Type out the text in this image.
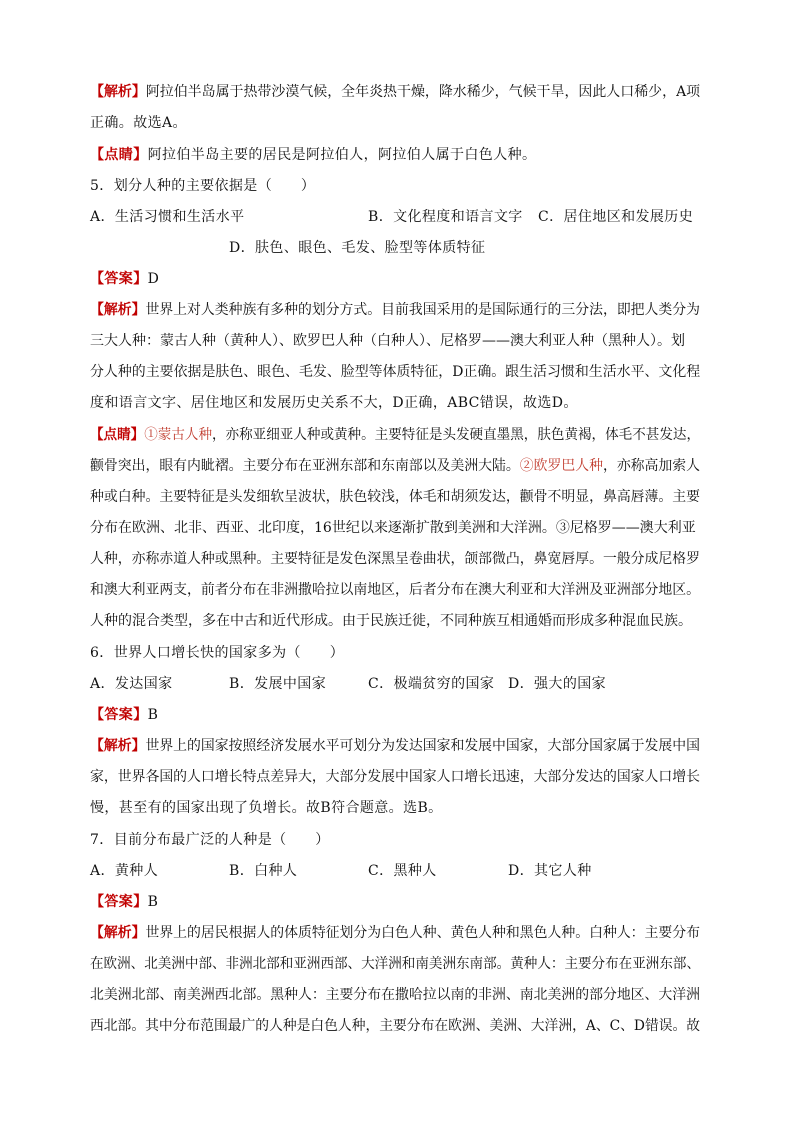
【解析】阿拉伯半岛属于热带沙漠气候，全年炎热干燥，降水稀少，气候干旱，因此人口稀少，A项
正确。故选A。
【点睛】阿拉伯半岛主要的居民是阿拉伯人，阿拉伯人属于白色人种。
5．划分人种的主要依据是（　　）
A．生活习惯和生活水平	B．文化程度和语言文字 C．居住地区和发展历史
D．肤色、眼色、毛发、脸型等体质特征
【答案】D
【解析】世界上对人类种族有多种的划分方式。目前我国采用的是国际通行的三分法，即把人类分为
三大人种：蒙古人种（黄种人）、欧罗巴人种（白种人）、尼格罗——澳大利亚人种（黑种人）。划
分人种的主要依据是肤色、眼色、毛发、脸型等体质特征，D正确。跟生活习惯和生活水平、文化程
度和语言文字、居住地区和发展历史关系不大，D正确，ABC错误，故选D。
【点睛】①蒙古人种，亦称亚细亚人种或黄种。主要特征是头发硬直墨黑，肤色黄褐，体毛不甚发达，
颧骨突出，眼有内眦褶。主要分布在亚洲东部和东南部以及美洲大陆。②欧罗巴人种，亦称高加索人
种或白种。主要特征是头发细软呈波状，肤色较浅，体毛和胡须发达，颧骨不明显，鼻高唇薄。主要
分布在欧洲、北非、西亚、北印度，16世纪以来逐渐扩散到美洲和大洋洲。③尼格罗——澳大利亚
人种，亦称赤道人种或黑种。主要特征是发色深黑呈卷曲状，颌部微凸，鼻宽唇厚。一般分成尼格罗
和澳大利亚两支，前者分布在非洲撒哈拉以南地区，后者分布在澳大利亚和大洋洲及亚洲部分地区。
人种的混合类型，多在中古和近代形成。由于民族迁徙，不同种族互相通婚而形成多种混血民族。
6．世界人口增长快的国家多为（　　）
A．发达国家	B．发展中国家	C．极端贫穷的国家 D．强大的国家
【答案】B
【解析】世界上的国家按照经济发展水平可划分为发达国家和发展中国家，大部分国家属于发展中国
家，世界各国的人口增长特点差异大，大部分发展中国家人口增长迅速，大部分发达的国家人口增长
慢，甚至有的国家出现了负增长。故B符合题意。选B。
7．目前分布最广泛的人种是（　　）
A．黄种人	B．白种人	C．黑种人	D．其它人种
【答案】B
【解析】世界上的居民根据人的体质特征划分为白色人种、黄色人种和黑色人种。白种人：主要分布
在欧洲、北美洲中部、非洲北部和亚洲西部、大洋洲和南美洲东南部。黄种人：主要分布在亚洲东部、
北美洲北部、南美洲西北部。黑种人：主要分布在撒哈拉以南的非洲、南北美洲的部分地区、大洋洲
西北部。其中分布范围最广的人种是白色人种，主要分布在欧洲、美洲、大洋洲，A、C、D错误。故
